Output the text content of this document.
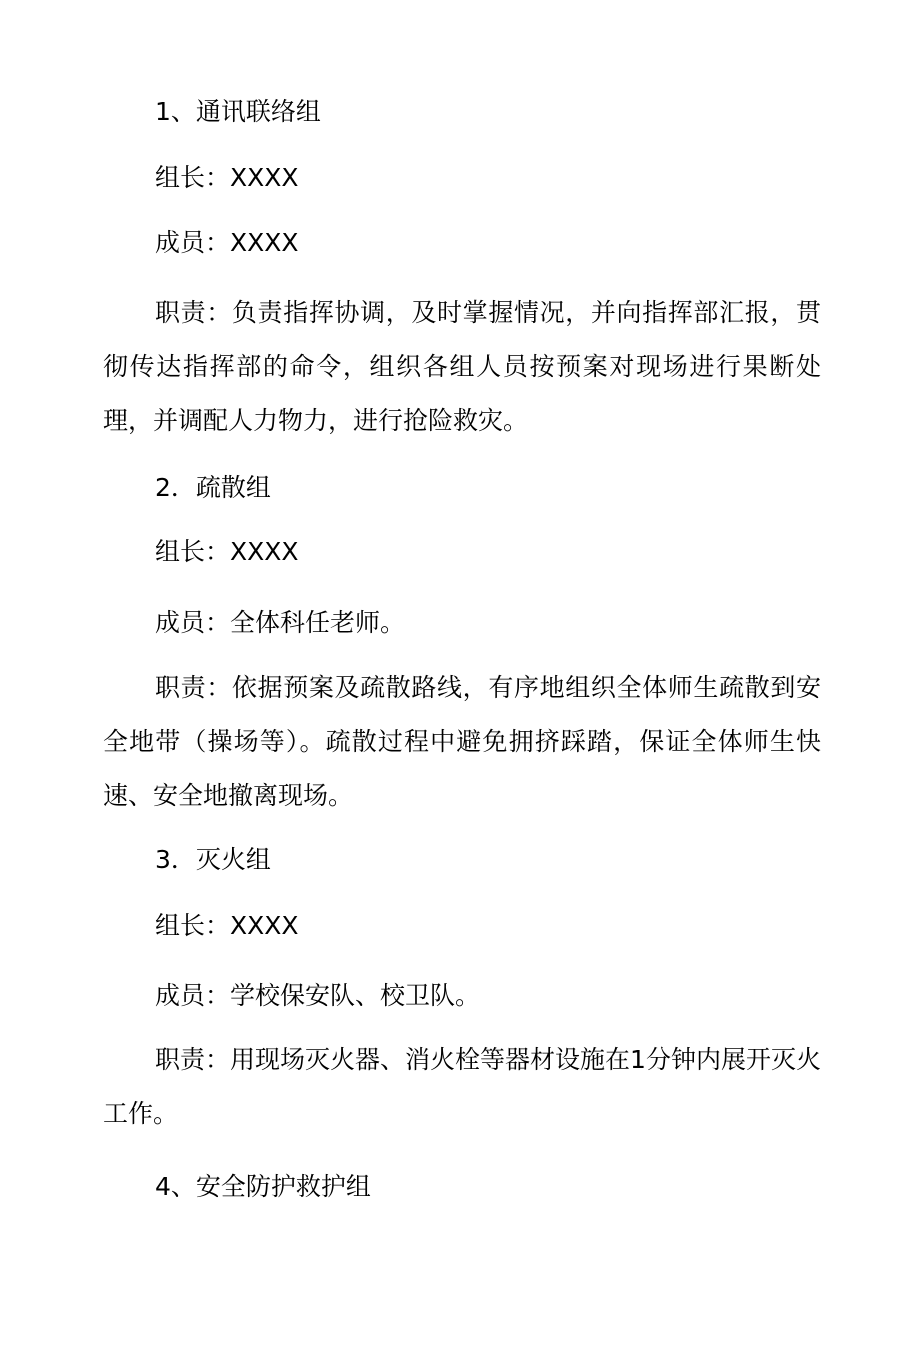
1、通讯联络组
组长：XXXX
成员：XXXX
职责：负责指挥协调，及时掌握情况，并向指挥部汇报，贯彻传达指挥部的命令，组织各组人员按预案对现场进行果断处理，并调配人力物力，进行抢险救灾。
2．疏散组
组长：XXXX
成员：全体科任老师。
职责：依据预案及疏散路线，有序地组织全体师生疏散到安全地带（操场等）。疏散过程中避免拥挤踩踏，保证全体师生快速、安全地撤离现场。
3．灭火组
组长：XXXX
成员：学校保安队、校卫队。
职责：用现场灭火器、消火栓等器材设施在1分钟内展开灭火工作。
4、安全防护救护组
